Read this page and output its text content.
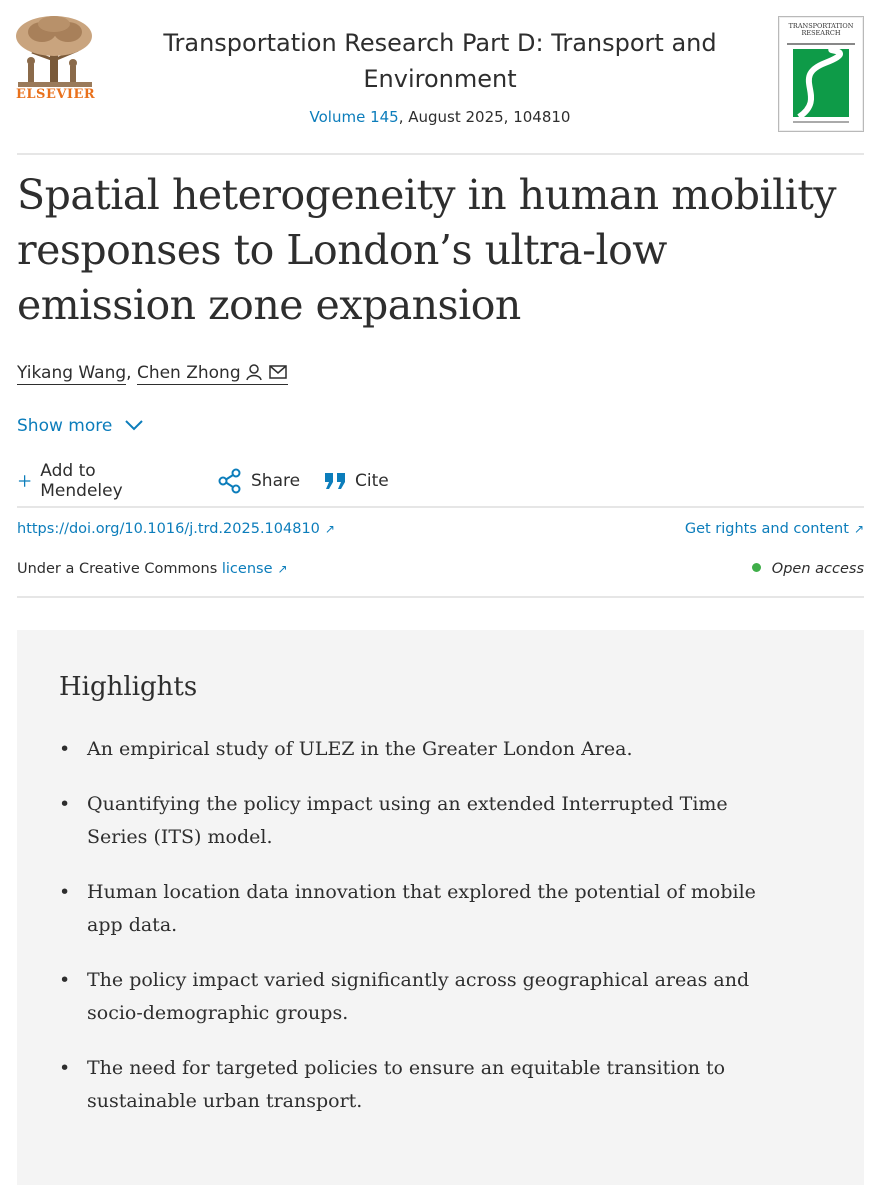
ELSEVIER
Transportation Research Part D: Transport and Environment
Volume 145, August 2025, 104810
TRANSPORTATION RESEARCH
Spatial heterogeneity in human mobility responses to London’s ultra-low emission zone expansion
Yikang Wang, Chen Zhong
Show more
Add to Mendeley	Share	Cite
https://doi.org/10.1016/j.trd.2025.104810 ↗	Get rights and content ↗
Under a Creative Commons license ↗	Open access
Highlights
• An empirical study of ULEZ in the Greater London Area.
• Quantifying the policy impact using an extended Interrupted Time Series (ITS) model.
• Human location data innovation that explored the potential of mobile app data.
• The policy impact varied significantly across geographical areas and socio-demographic groups.
• The need for targeted policies to ensure an equitable transition to sustainable urban transport.
